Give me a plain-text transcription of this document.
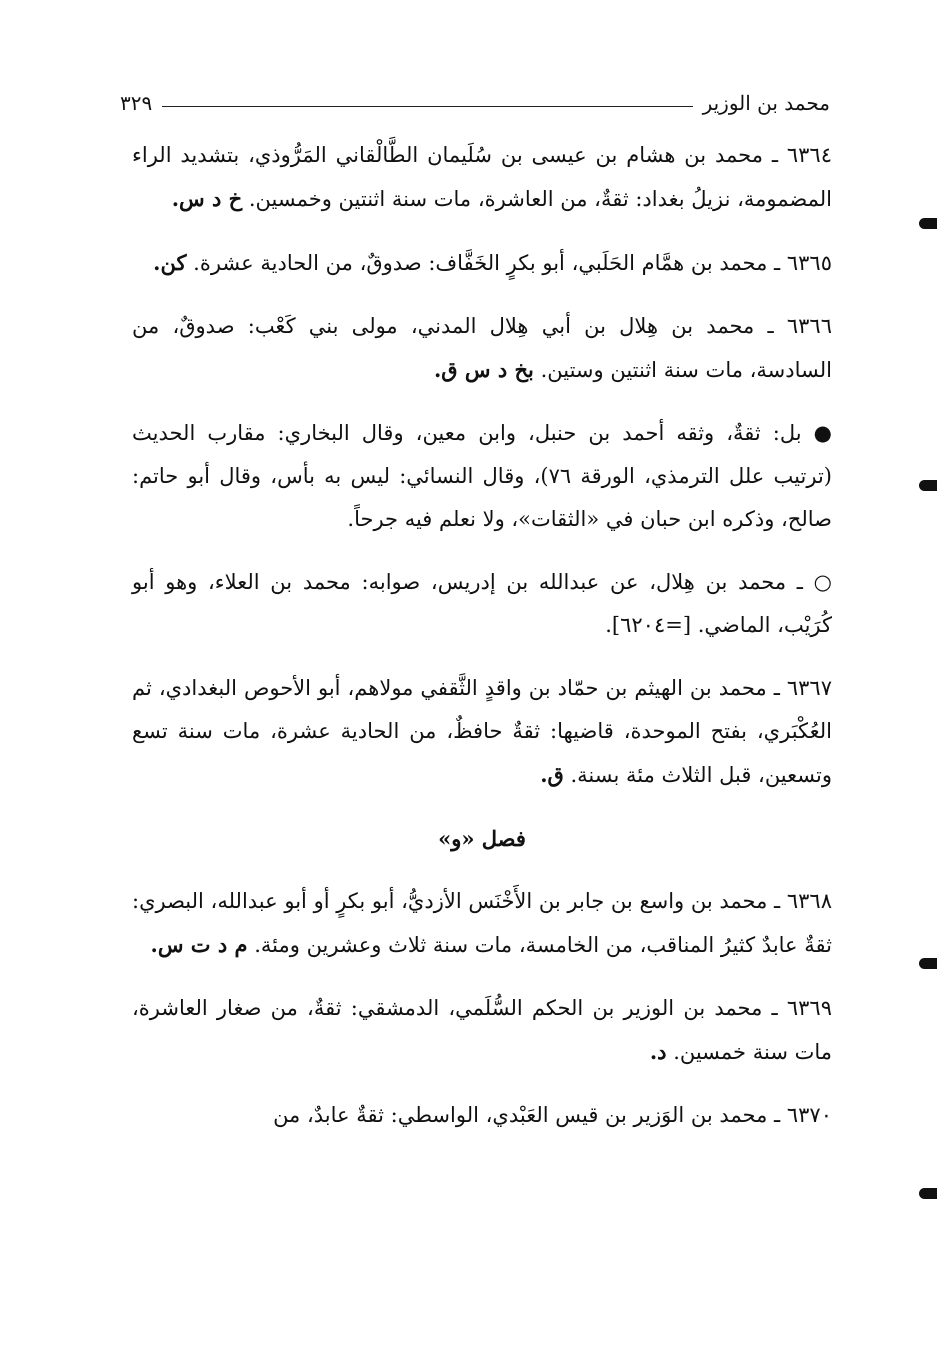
محمد بن الوزير
٣٢٩

٦٣٦٤ ـ محمد بن هشام بن عيسى بن سُلَيمان الطَّالْقاني المَرُّوذي، بتشديد الراء المضمومة، نزيلُ بغداد: ثقةٌ، من العاشرة، مات سنة اثنتين وخمسين. خ د س.

٦٣٦٥ ـ محمد بن همَّام الحَلَبي، أبو بكرٍ الخَفَّاف: صدوقٌ، من الحادية عشرة. كن.

٦٣٦٦ ـ محمد بن هِلال بن أبي هِلال المدني، مولى بني كَعْب: صدوقٌ، من السادسة، مات سنة اثنتين وستين. بخ د س ق.

● بل: ثقةٌ، وثقه أحمد بن حنبل، وابن معين، وقال البخاري: مقارب الحديث (ترتيب علل الترمذي، الورقة ٧٦)، وقال النسائي: ليس به بأس، وقال أبو حاتم: صالح، وذكره ابن حبان في «الثقات»، ولا نعلم فيه جرحاً.

○ ـ محمد بن هِلال، عن عبدالله بن إدريس، صوابه: محمد بن العلاء، وهو أبو كُرَيْب، الماضي. [=٦٢٠٤].

٦٣٦٧ ـ محمد بن الهيثم بن حمّاد بن واقدٍ الثَّقفي مولاهم، أبو الأحوص البغدادي، ثم العُكْبَري، بفتح الموحدة، قاضيها: ثقةٌ حافظٌ، من الحادية عشرة، مات سنة تسع وتسعين، قبل الثلاث مئة بسنة. ق.

فصل «و»

٦٣٦٨ ـ محمد بن واسع بن جابر بن الأَخْنَس الأزديُّ، أبو بكرٍ أو أبو عبدالله، البصري: ثقةٌ عابدٌ كثيرُ المناقب، من الخامسة، مات سنة ثلاث وعشرين ومئة. م د ت س.

٦٣٦٩ ـ محمد بن الوزير بن الحكم السُّلَمي، الدمشقي: ثقةٌ، من صغار العاشرة، مات سنة خمسين. د.

٦٣٧٠ ـ محمد بن الوَزير بن قيس العَبْدي، الواسطي: ثقةٌ عابدٌ، من
